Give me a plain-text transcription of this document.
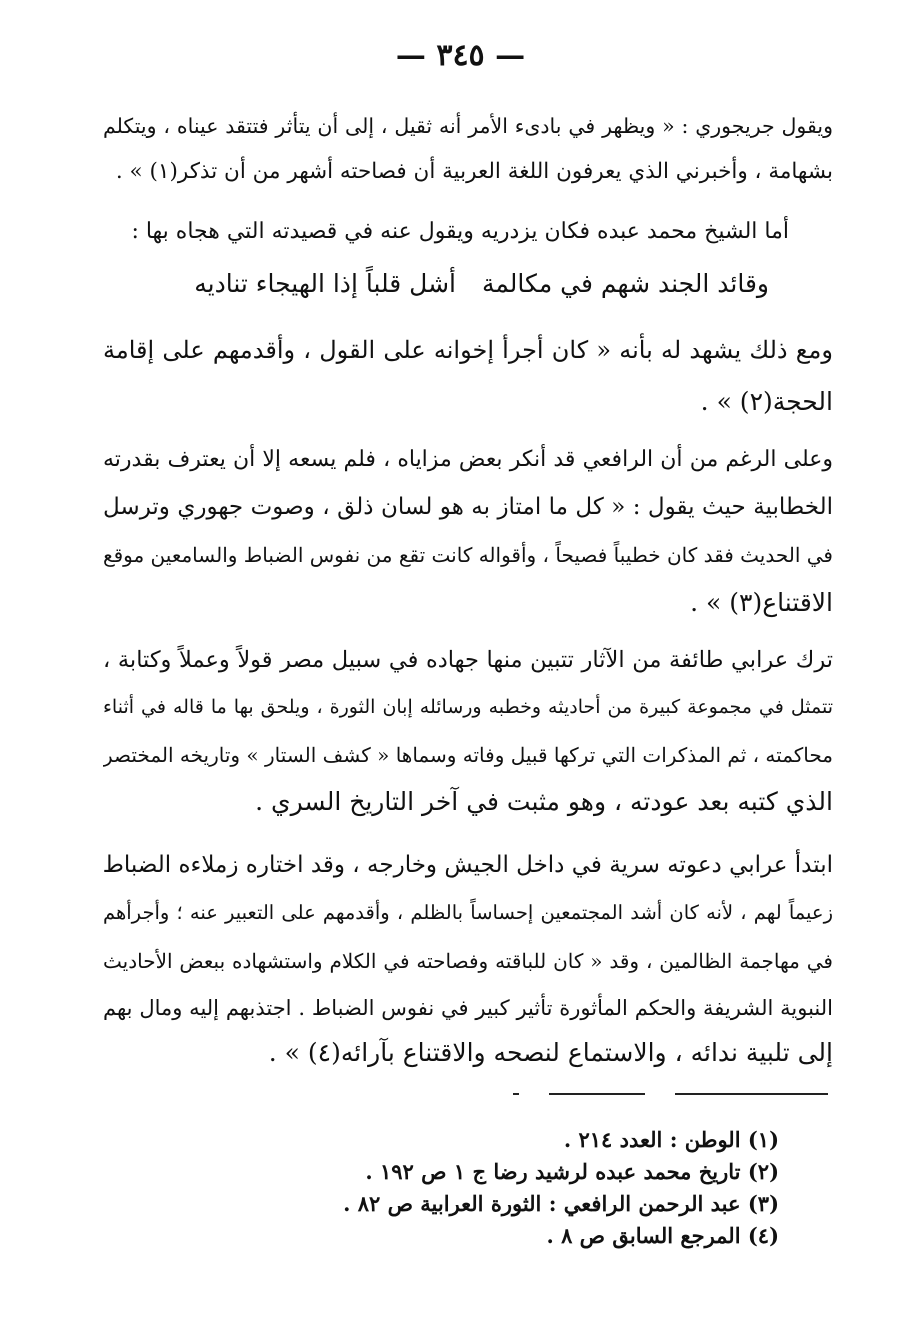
— ٣٤٥ —
ويقول جريجوري : « ويظهر في بادىء الأمر أنه ثقيل ، إلى أن يتأثر فتتقد عيناه ، ويتكلم
بشهامة ، وأخبرني الذي يعرفون اللغة العربية أن فصاحته أشهر من أن تذكر(١) » .
أما الشيخ محمد عبده فكان يزدريه ويقول عنه في قصيدته التي هجاه بها :
وقائد الجند شهم في مكالمة
أشل قلباً إذا الهيجاء تناديه
ومع ذلك يشهد له بأنه « كان أجرأ إخوانه على القول ، وأقدمهم على إقامة
الحجة(٢) » .
وعلى الرغم من أن الرافعي قد أنكر بعض مزاياه ، فلم يسعه إلا أن يعترف بقدرته
الخطابية حيث يقول : « كل ما امتاز به هو لسان ذلق ، وصوت جهوري وترسل
في الحديث فقد كان خطيباً فصيحاً ، وأقواله كانت تقع من نفوس الضباط والسامعين موقع
الاقتناع(٣) » .
ترك عرابي طائفة من الآثار تتبين منها جهاده في سبيل مصر قولاً وعملاً وكتابة ،
تتمثل في مجموعة كبيرة من أحاديثه وخطبه ورسائله إبان الثورة ، ويلحق بها ما قاله في أثناء
محاكمته ، ثم المذكرات التي تركها قبيل وفاته وسماها « كشف الستار » وتاريخه المختصر
الذي كتبه بعد عودته ، وهو مثبت في آخر التاريخ السري .
ابتدأ عرابي دعوته سرية في داخل الجيش وخارجه ، وقد اختاره زملاءه الضباط
زعيماً لهم ، لأنه كان أشد المجتمعين إحساساً بالظلم ، وأقدمهم على التعبير عنه ؛ وأجرأهم
في مهاجمة الظالمين ، وقد « كان للباقته وفصاحته في الكلام واستشهاده ببعض الأحاديث
النبوية الشريفة والحكم المأثورة تأثير كبير في نفوس الضباط . اجتذبهم إليه ومال بهم
إلى تلبية ندائه ، والاستماع لنصحه والاقتناع بآرائه(٤) » .
(١) الوطن : العدد ٢١٤ .
(٢) تاريخ محمد عبده لرشيد رضا ج ١ ص ١٩٢ .
(٣) عبد الرحمن الرافعي : الثورة العرابية ص ٨٢ .
(٤) المرجع السابق ص ٨ .
